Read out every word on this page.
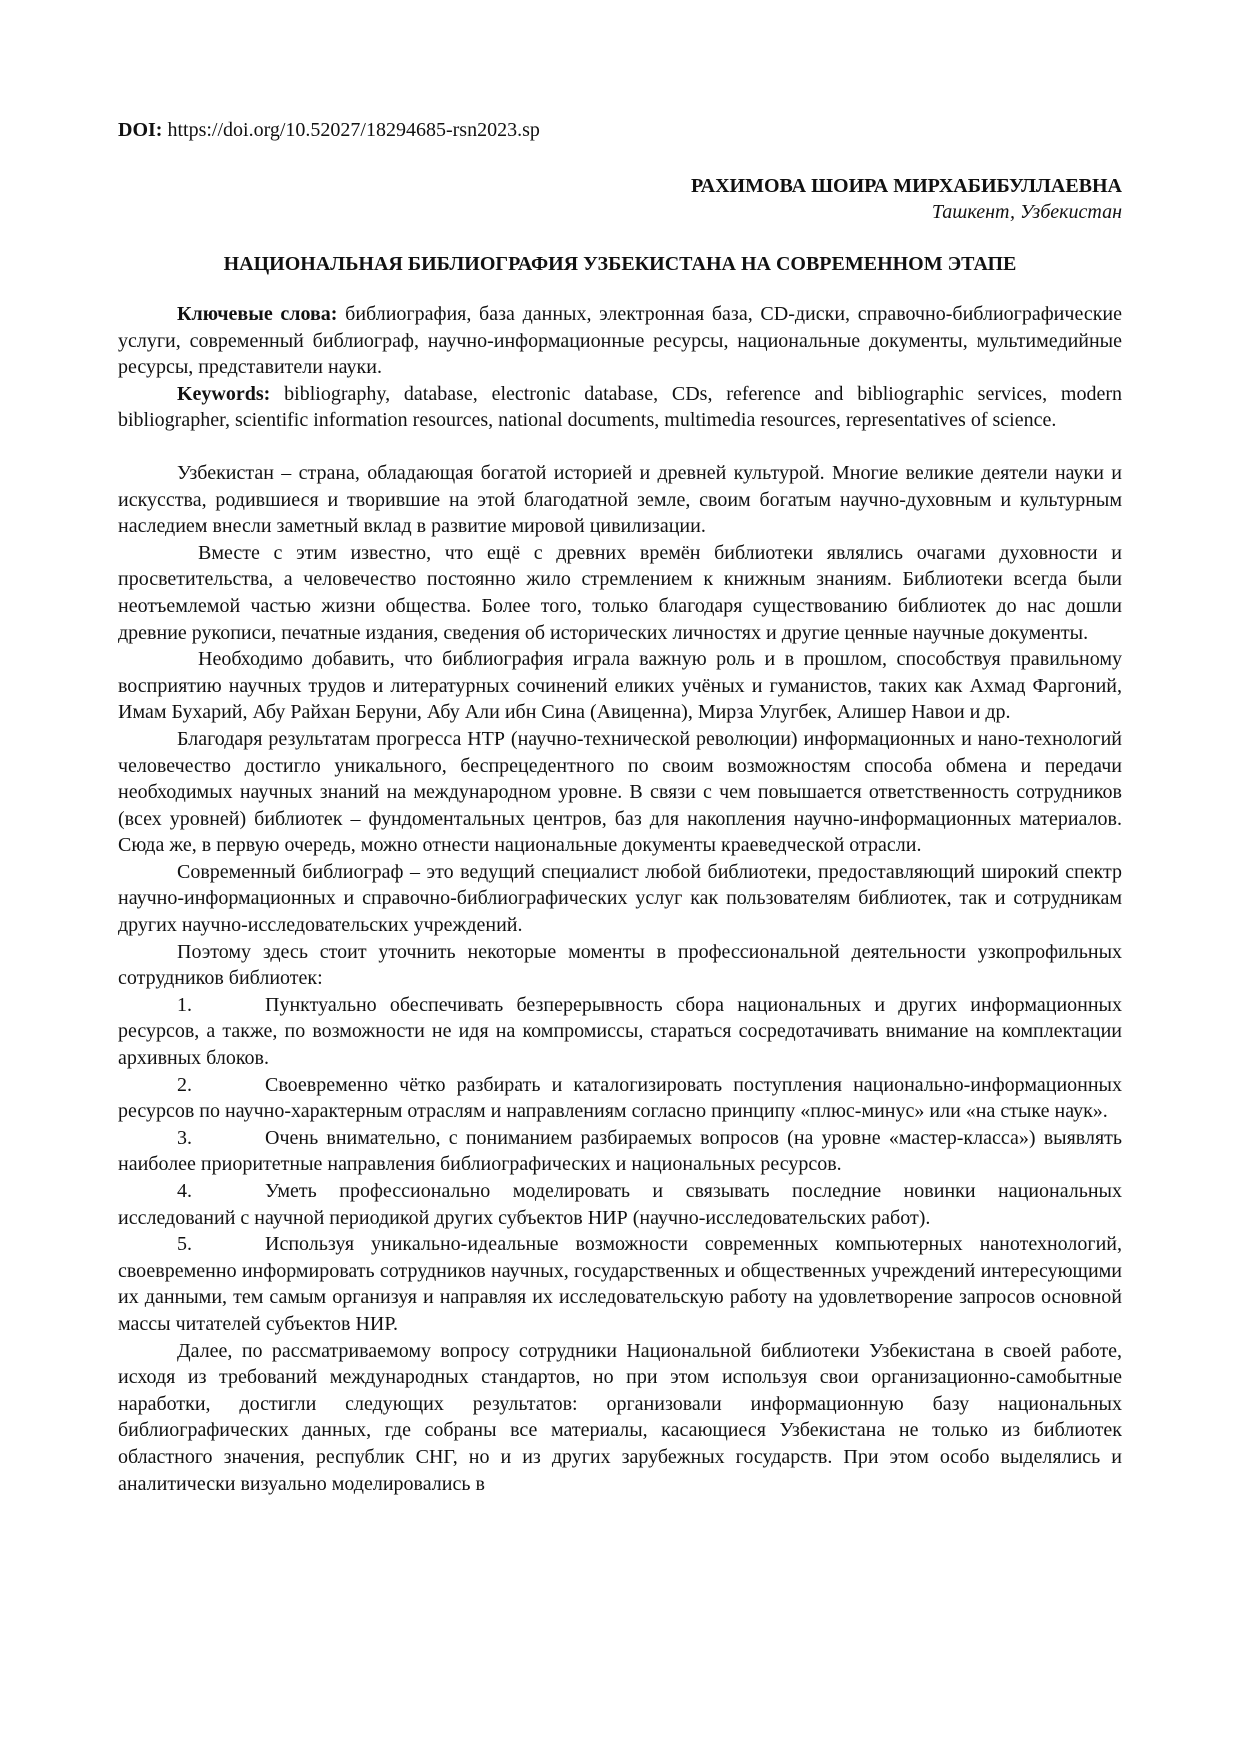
DOI: https://doi.org/10.52027/18294685-rsn2023.sp
РАХИМОВА ШОИРА МИРХАБИБУЛЛАЕВНА
Ташкент, Узбекистан
НАЦИОНАЛЬНАЯ БИБЛИОГРАФИЯ УЗБЕКИСТАНА НА СОВРЕМЕННОМ ЭТАПЕ

Ключевые слова: библиография, база данных, электронная база, CD-диски, справочно-библиографические услуги, современный библиограф, научно-информационные ресурсы, национальные документы, мультимедийные ресурсы, представители науки.

Keywords: bibliography, database, electronic database, CDs, reference and bibliographic services, modern bibliographer, scientific information resources, national documents, multimedia resources, representatives of science.

Узбекистан – страна, обладающая богатой историей и древней культурой. Многие великие деятели науки и искусства, родившиеся и творившие на этой благодатной земле, своим богатым научно-духовным и культурным наследием внесли заметный вклад в развитие мировой цивилизации.

Вместе с этим известно, что ещё с древних времён библиотеки являлись очагами духовности и просветительства, а человечество постоянно жило стремлением к книжным знаниям. Библиотеки всегда были неотъемлемой частью жизни общества. Более того, только благодаря существованию библиотек до нас дошли древние рукописи, печатные издания, сведения об исторических личностях и другие ценные научные документы.

Необходимо добавить, что библиография играла важную роль и в прошлом, способствуя правильному восприятию научных трудов и литературных сочинений еликих учёных и гуманистов, таких как Ахмад Фаргоний, Имам Бухарий, Абу Райхан Беруни, Абу Али ибн Сина (Авиценна), Мирза Улугбек, Алишер Навои и др.

Благодаря результатам прогресса НТР (научно-технической революции) информационных и нано-технологий человечество достигло уникального, беспрецедентного по своим возможностям способа обмена и передачи необходимых научных знаний на международном уровне. В связи с чем повышается ответственность сотрудников (всех уровней) библиотек – фундоментальных центров, баз для накопления научно-информационных материалов. Сюда же, в первую очередь, можно отнести национальные документы краеведческой отрасли.

Современный библиограф – это ведущий специалист любой библиотеки, предоставляющий широкий спектр научно-информационных и справочно-библиографических услуг как пользователям библиотек, так и сотрудникам других научно-исследовательских учреждений.

Поэтому здесь стоит уточнить некоторые моменты в профессиональной деятельности узкопрофильных сотрудников библиотек:

1.	Пунктуально обеспечивать безперерывность сбора национальных и других информационных ресурсов, а также, по возможности не идя на компромиссы, стараться сосредотачивать внимание на комплектации архивных блоков.

2.	Своевременно чётко разбирать и каталогизировать поступления национально-информационных ресурсов по научно-характерным отраслям и направлениям согласно принципу «плюс-минус» или «на стыке наук».

3.	Очень внимательно, с пониманием разбираемых вопросов (на уровне «мастер-класса») выявлять наиболее приоритетные направления библиографических и национальных ресурсов.

4.	Уметь профессионально моделировать и связывать последние новинки национальных исследований с научной периодикой других субъектов НИР (научно-исследовательских работ).

5.	Используя уникально-идеальные возможности современных компьютерных нанотехнологий, своевременно информировать сотрудников научных, государственных и общественных учреждений интересующими их данными, тем самым организуя и направляя их исследовательскую работу на удовлетворение запросов основной массы читателей субъектов НИР.

Далее, по рассматриваемому вопросу сотрудники Национальной библиотеки Узбекистана в своей работе, исходя из требований международных стандартов, но при этом используя свои организационно-самобытные наработки, достигли следующих результатов: организовали информационную базу национальных библиографических данных, где собраны все материалы, касающиеся Узбекистана не только из библиотек областного значения, республик СНГ, но и из других зарубежных государств. При этом особо выделялись и аналитически визуально моделировались в
